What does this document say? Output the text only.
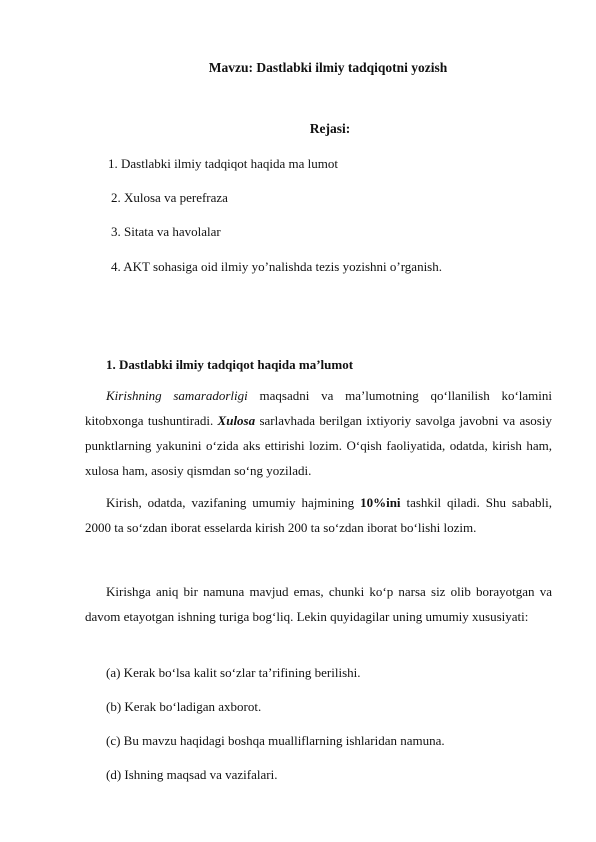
Mavzu: Dastlabki ilmiy tadqiqotni yozish
Rejasi:
1. Dastlabki ilmiy tadqiqot haqida ma lumot
2. Xulosa va perefraza
3. Sitata va havolalar
4. AKT sohasiga oid ilmiy yo’nalishda tezis yozishni o’rganish.
1. Dastlabki ilmiy tadqiqot haqida ma’lumot

Kirishning samaradorligi maqsadni va ma’lumotning qo‘llanilish ko‘lamini kitobxonga tushuntiradi. Xulosa sarlavhada berilgan ixtiyoriy savolga javobni va asosiy punktlarning yakunini o‘zida aks ettirishi lozim. O‘qish faoliyatida, odatda, kirish ham, xulosa ham, asosiy qismdan so‘ng yoziladi.

Kirish, odatda, vazifaning umumiy hajmining 10%ini tashkil qiladi. Shu sababli, 2000 ta so‘zdan iborat esselarda kirish 200 ta so‘zdan iborat bo‘lishi lozim.

Kirishga aniq bir namuna mavjud emas, chunki ko‘p narsa siz olib borayotgan va davom etayotgan ishning turiga bog‘liq. Lekin quyidagilar uning umumiy xususiyati:

(a) Kerak bo‘lsa kalit so‘zlar ta’rifining berilishi.
(b) Kerak bo‘ladigan axborot.
(c) Bu mavzu haqidagi boshqa mualliflarning ishlaridan namuna.
(d) Ishning maqsad va vazifalari.
